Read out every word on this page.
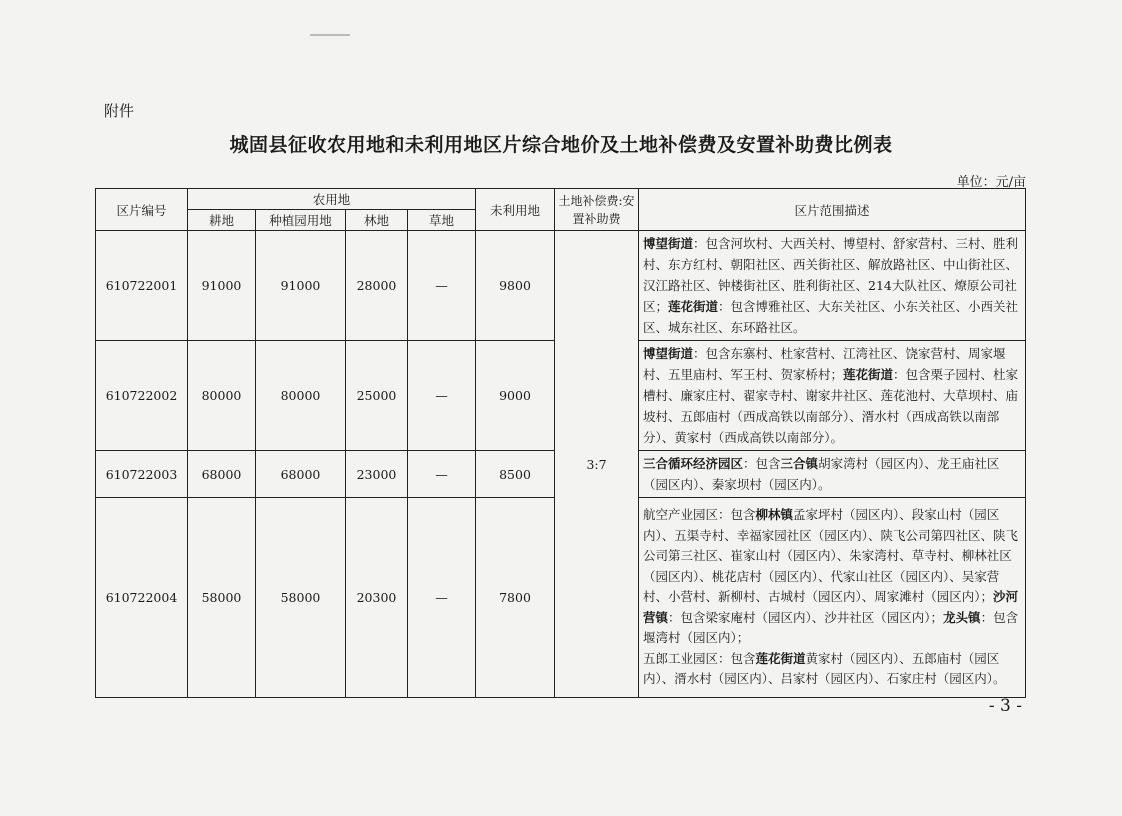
附件
城固县征收农用地和未利用地区片综合地价及土地补偿费及安置补助费比例表
单位：元/亩
区片编号	农用地				未利用地	土地补偿费:安置补助费	区片范围描述
	耕地	种植园用地	林地	草地			
610722001	91000	91000	28000	—	9800	3:7	博望街道：包含河坎村、大西关村、博望村、舒家营村、三村、胜利村、东方红村、朝阳社区、西关街社区、解放路社区、中山街社区、汉江路社区、钟楼街社区、胜利街社区、214大队社区、燎原公司社区；莲花街道：包含博雅社区、大东关社区、小东关社区、小西关社区、城东社区、东环路社区。
610722002	80000	80000	25000	—	9000		博望街道：包含东寨村、杜家营村、江湾社区、饶家营村、周家堰村、五里庙村、军王村、贺家桥村；莲花街道：包含栗子园村、杜家槽村、廉家庄村、翟家寺村、谢家井社区、莲花池村、大草坝村、庙坡村、五郎庙村（西成高铁以南部分）、湑水村（西成高铁以南部分）、黄家村（西成高铁以南部分）。
610722003	68000	68000	23000	—	8500		三合循环经济园区：包含三合镇胡家湾村（园区内）、龙王庙社区（园区内）、秦家坝村（园区内）。
610722004	58000	58000	20300	—	7800		航空产业园区：包含柳林镇孟家坪村（园区内）、段家山村（园区内）、五渠寺村、幸福家园社区（园区内）、陕飞公司第四社区、陕飞公司第三社区、崔家山村（园区内）、朱家湾村、草寺村、柳林社区（园区内）、桃花店村（园区内）、代家山社区（园区内）、吴家营村、小营村、新柳村、古城村（园区内）、周家滩村（园区内）；沙河营镇：包含梁家庵村（园区内）、沙井社区（园区内）；龙头镇：包含堰湾村（园区内）；
五郎工业园区：包含莲花街道黄家村（园区内）、五郎庙村（园区内）、湑水村（园区内）、吕家村（园区内）、石家庄村（园区内）。
- 3 -
